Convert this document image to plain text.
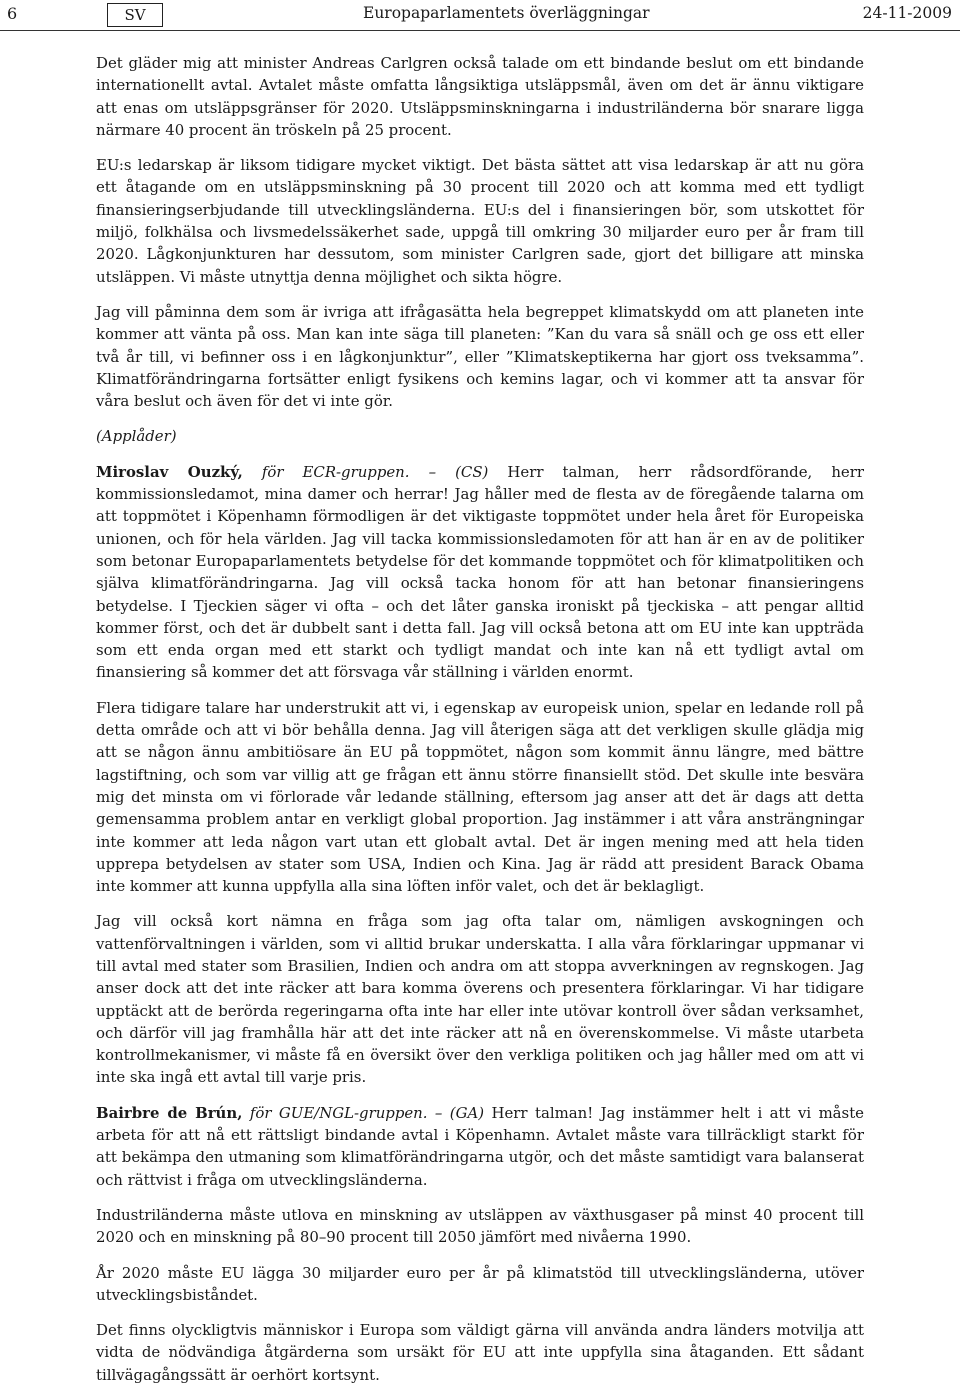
6	SV	Europaparlamentets överläggningar	24-11-2009

Det gläder mig att minister Andreas Carlgren också talade om ett bindande beslut om ett bindande internationellt avtal. Avtalet måste omfatta långsiktiga utsläppsmål, även om det är ännu viktigare att enas om utsläppsgränser för 2020. Utsläppsminskningarna i industriländerna bör snarare ligga närmare 40 procent än tröskeln på 25 procent.

EU:s ledarskap är liksom tidigare mycket viktigt. Det bästa sättet att visa ledarskap är att nu göra ett åtagande om en utsläppsminskning på 30 procent till 2020 och att komma med ett tydligt finansieringserbjudande till utvecklingsländerna. EU:s del i finansieringen bör, som utskottet för miljö, folkhälsa och livsmedelssäkerhet sade, uppgå till omkring 30 miljarder euro per år fram till 2020. Lågkonjunkturen har dessutom, som minister Carlgren sade, gjort det billigare att minska utsläppen. Vi måste utnyttja denna möjlighet och sikta högre.

Jag vill påminna dem som är ivriga att ifrågasätta hela begreppet klimatskydd om att planeten inte kommer att vänta på oss. Man kan inte säga till planeten: ”Kan du vara så snäll och ge oss ett eller två år till, vi befinner oss i en lågkonjunktur”, eller ”Klimatskeptikerna har gjort oss tveksamma”. Klimatförändringarna fortsätter enligt fysikens och kemins lagar, och vi kommer att ta ansvar för våra beslut och även för det vi inte gör.

(Applåder)

Miroslav Ouzký, för ECR-gruppen. – (CS) Herr talman, herr rådsordförande, herr kommissionsledamot, mina damer och herrar! Jag håller med de flesta av de föregående talarna om att toppmötet i Köpenhamn förmodligen är det viktigaste toppmötet under hela året för Europeiska unionen, och för hela världen. Jag vill tacka kommissionsledamoten för att han är en av de politiker som betonar Europaparlamentets betydelse för det kommande toppmötet och för klimatpolitiken och själva klimatförändringarna. Jag vill också tacka honom för att han betonar finansieringens betydelse. I Tjeckien säger vi ofta – och det låter ganska ironiskt på tjeckiska – att pengar alltid kommer först, och det är dubbelt sant i detta fall. Jag vill också betona att om EU inte kan uppträda som ett enda organ med ett starkt och tydligt mandat och inte kan nå ett tydligt avtal om finansiering så kommer det att försvaga vår ställning i världen enormt.

Flera tidigare talare har understrukit att vi, i egenskap av europeisk union, spelar en ledande roll på detta område och att vi bör behålla denna. Jag vill återigen säga att det verkligen skulle glädja mig att se någon ännu ambitiösare än EU på toppmötet, någon som kommit ännu längre, med bättre lagstiftning, och som var villig att ge frågan ett ännu större finansiellt stöd. Det skulle inte besvära mig det minsta om vi förlorade vår ledande ställning, eftersom jag anser att det är dags att detta gemensamma problem antar en verkligt global proportion. Jag instämmer i att våra ansträngningar inte kommer att leda någon vart utan ett globalt avtal. Det är ingen mening med att hela tiden upprepa betydelsen av stater som USA, Indien och Kina. Jag är rädd att president Barack Obama inte kommer att kunna uppfylla alla sina löften inför valet, och det är beklagligt.

Jag vill också kort nämna en fråga som jag ofta talar om, nämligen avskogningen och vattenförvaltningen i världen, som vi alltid brukar underskatta. I alla våra förklaringar uppmanar vi till avtal med stater som Brasilien, Indien och andra om att stoppa avverkningen av regnskogen. Jag anser dock att det inte räcker att bara komma överens och presentera förklaringar. Vi har tidigare upptäckt att de berörda regeringarna ofta inte har eller inte utövar kontroll över sådan verksamhet, och därför vill jag framhålla här att det inte räcker att nå en överenskommelse. Vi måste utarbeta kontrollmekanismer, vi måste få en översikt över den verkliga politiken och jag håller med om att vi inte ska ingå ett avtal till varje pris.

Bairbre de Brún, för GUE/NGL-gruppen. – (GA) Herr talman! Jag instämmer helt i att vi måste arbeta för att nå ett rättsligt bindande avtal i Köpenhamn. Avtalet måste vara tillräckligt starkt för att bekämpa den utmaning som klimatförändringarna utgör, och det måste samtidigt vara balanserat och rättvist i fråga om utvecklingsländerna.

Industriländerna måste utlova en minskning av utsläppen av växthusgaser på minst 40 procent till 2020 och en minskning på 80–90 procent till 2050 jämfört med nivåerna 1990.

År 2020 måste EU lägga 30 miljarder euro per år på klimatstöd till utvecklingsländerna, utöver utvecklingsbiståndet.

Det finns olyckligtvis människor i Europa som väldigt gärna vill använda andra länders motvilja att vidta de nödvändiga åtgärderna som ursäkt för EU att inte uppfylla sina åtaganden. Ett sådant tillvägagångssätt är oerhört kortsynt.
